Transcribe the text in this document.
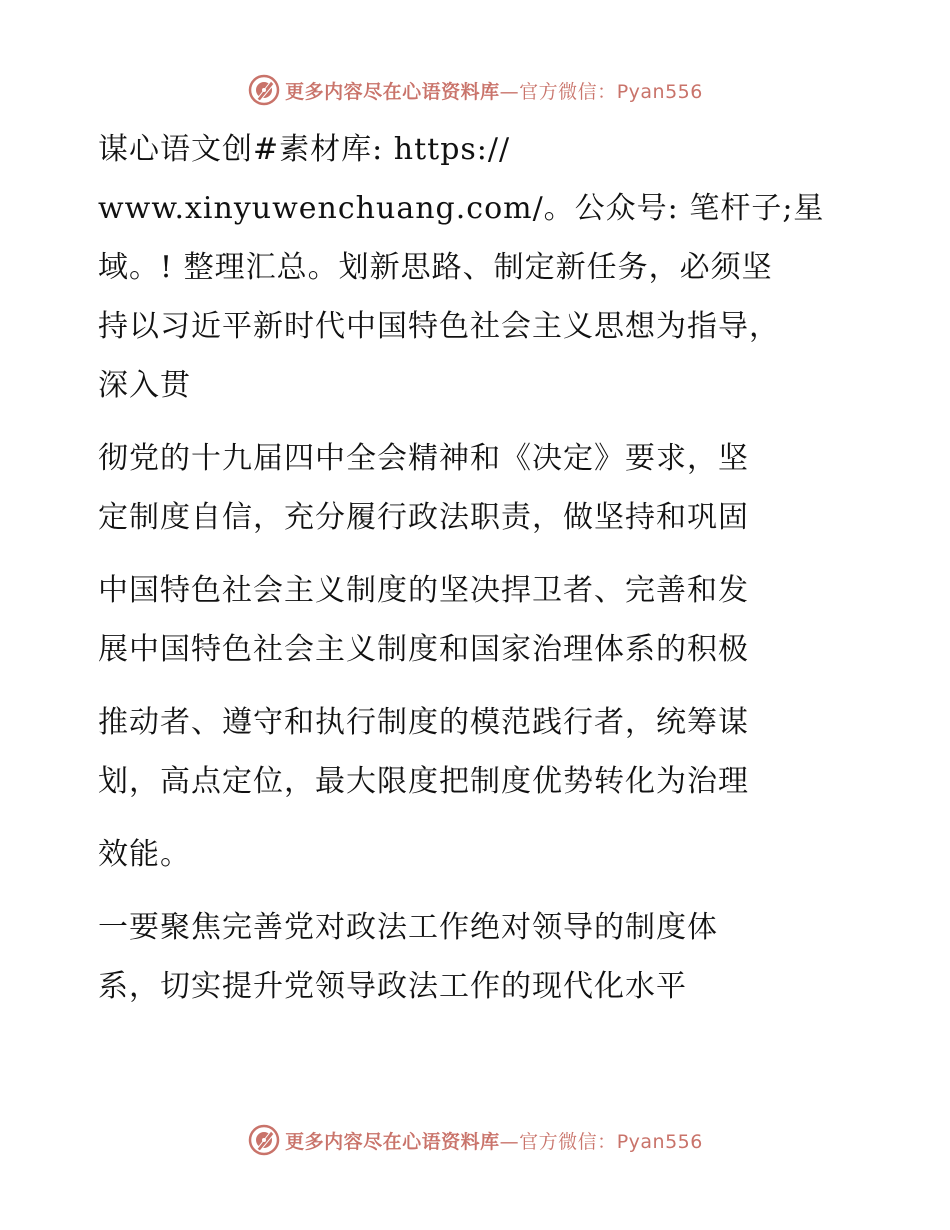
更多内容尽在心语资料库—官方微信：Pyan556
谋心语文创#素材库: https://
www.xinyuwenchuang.com/。公众号: 笔杆子;星
域。! 整理汇总。划新思路、制定新任务，必须坚
持以习近平新时代中国特色社会主义思想为指导，
深入贯
彻党的十九届四中全会精神和《决定》要求，坚
定制度自信，充分履行政法职责，做坚持和巩固
中国特色社会主义制度的坚决捍卫者、完善和发
展中国特色社会主义制度和国家治理体系的积极
推动者、遵守和执行制度的模范践行者，统筹谋
划，高点定位，最大限度把制度优势转化为治理
效能。
一要聚焦完善党对政法工作绝对领导的制度体
系，切实提升党领导政法工作的现代化水平
更多内容尽在心语资料库—官方微信：Pyan556
